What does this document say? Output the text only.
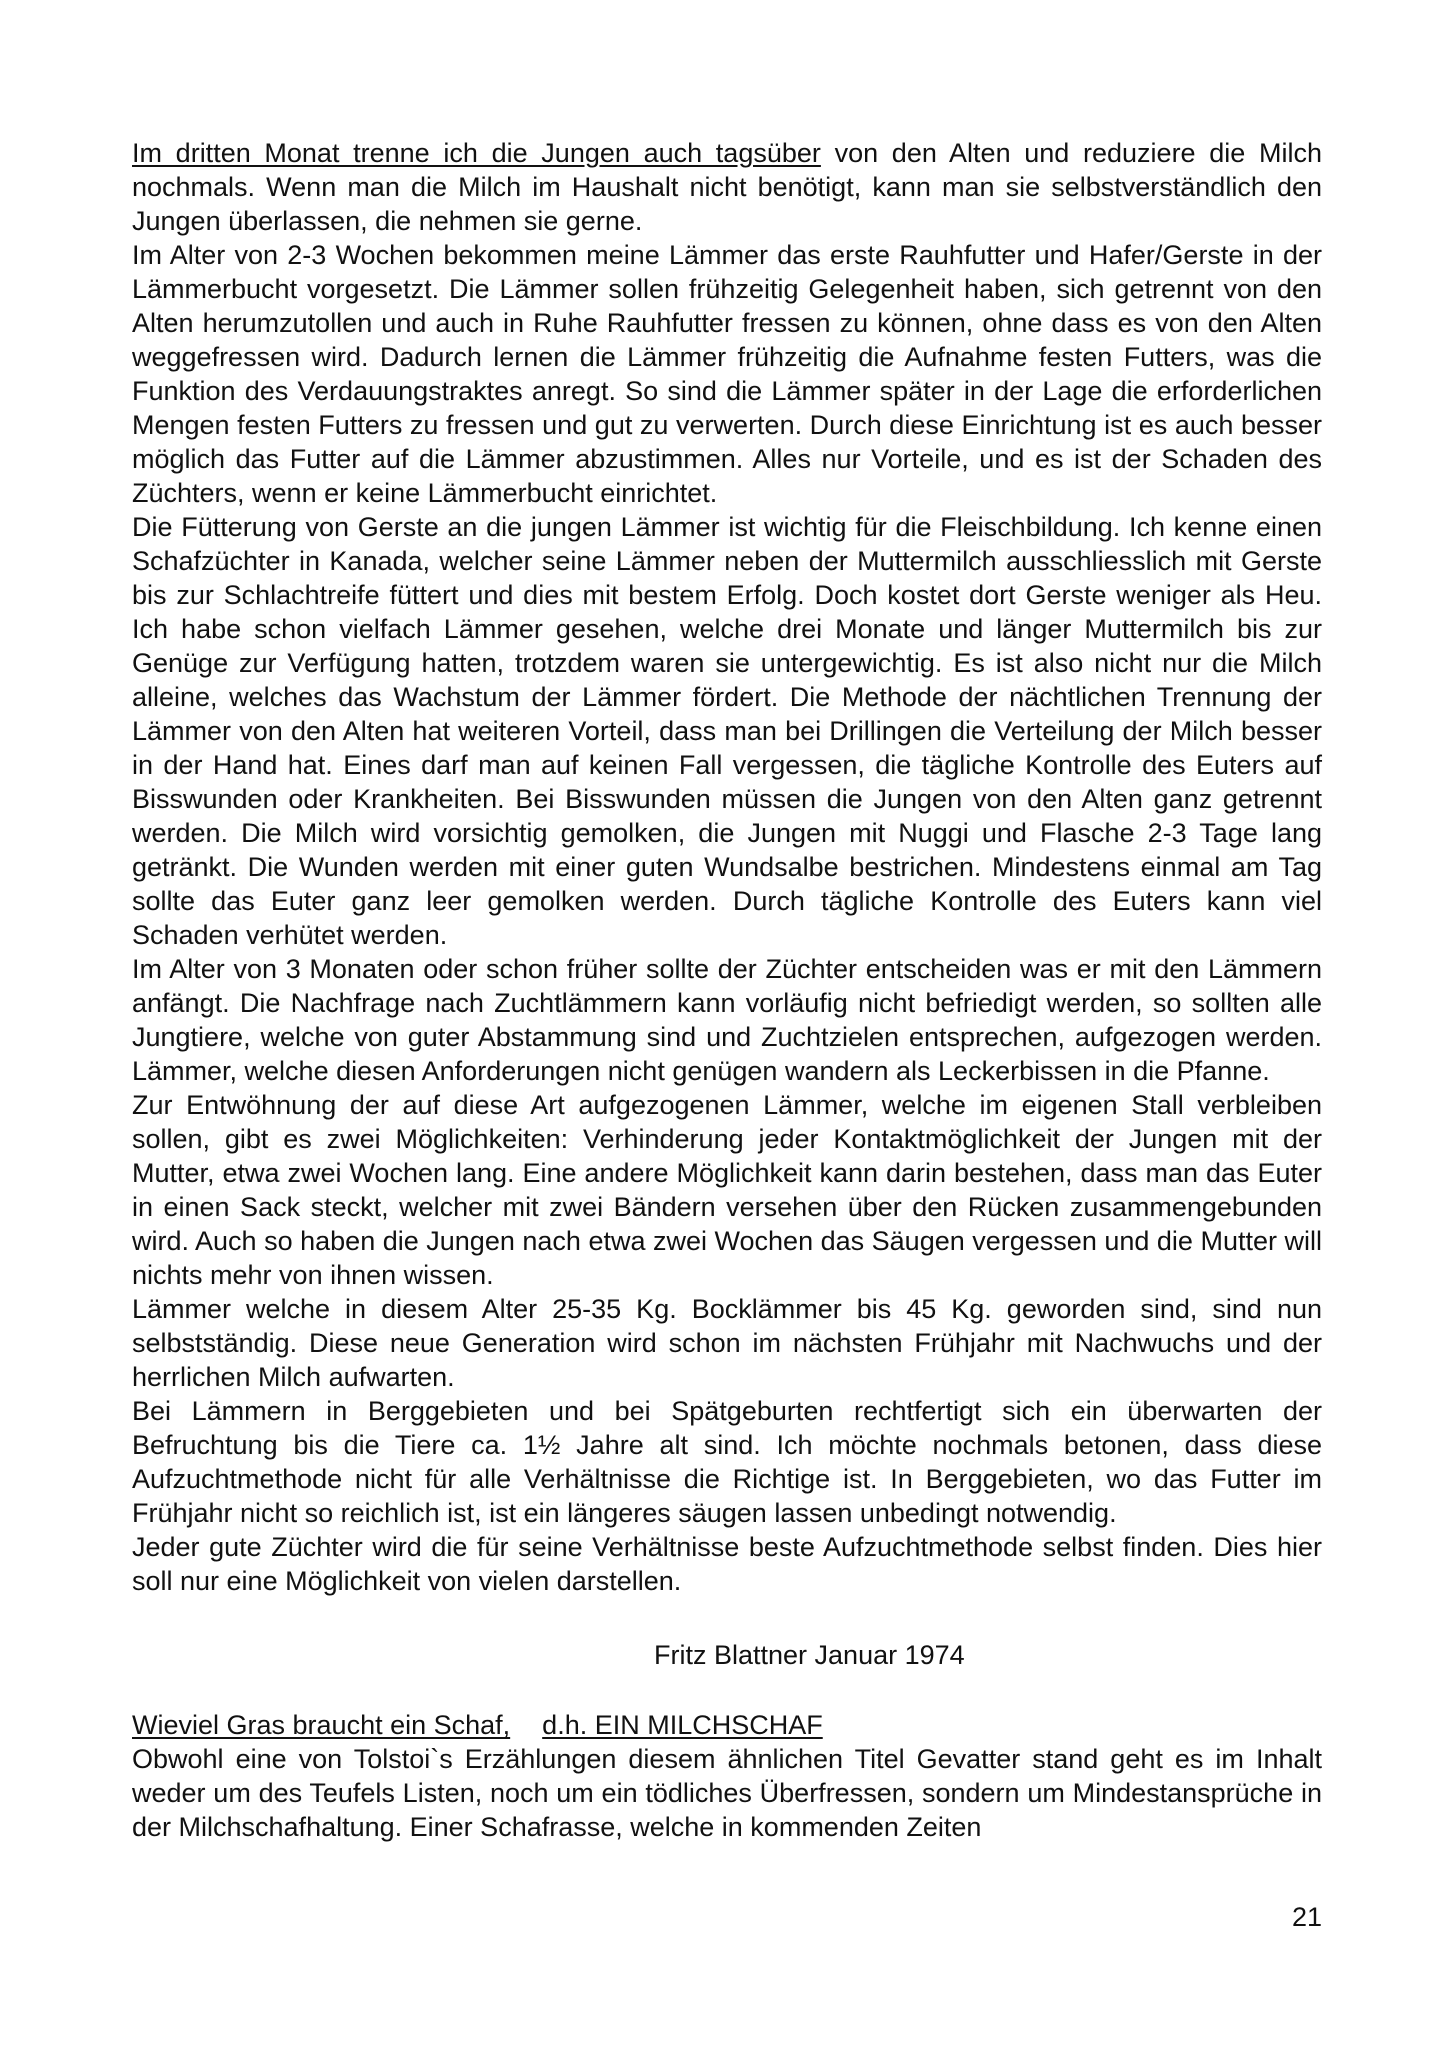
Im dritten Monat trenne ich die Jungen auch tagsüber von den Alten und reduziere die Milch nochmals. Wenn man die Milch im Haushalt nicht benötigt, kann man sie selbstverständlich den Jungen überlassen, die nehmen sie gerne.

Im Alter von 2-3 Wochen bekommen meine Lämmer das erste Rauhfutter und Hafer/Gerste in der Lämmerbucht vorgesetzt. Die Lämmer sollen frühzeitig Gelegenheit haben, sich getrennt von den Alten herumzutollen und auch in Ruhe Rauhfutter fressen zu können, ohne dass es von den Alten weggefressen wird. Dadurch lernen die Lämmer frühzeitig die Aufnahme festen Futters, was die Funktion des Verdauungstraktes anregt. So sind die Lämmer später in der Lage die erforderlichen Mengen festen Futters zu fressen und gut zu verwerten. Durch diese Einrichtung ist es auch besser möglich das Futter auf die Lämmer abzustimmen. Alles nur Vorteile, und es ist der Schaden des Züchters, wenn er keine Lämmerbucht einrichtet.

Die Fütterung von Gerste an die jungen Lämmer ist wichtig für die Fleischbildung. Ich kenne einen Schafzüchter in Kanada, welcher seine Lämmer neben der Muttermilch ausschliesslich mit Gerste bis zur Schlachtreife füttert und dies mit bestem Erfolg. Doch kostet dort Gerste weniger als Heu. Ich habe schon vielfach Lämmer gesehen, welche drei Monate und länger Muttermilch bis zur Genüge zur Verfügung hatten, trotzdem waren sie untergewichtig. Es ist also nicht nur die Milch alleine, welches das Wachstum der Lämmer fördert. Die Methode der nächtlichen Trennung der Lämmer von den Alten hat weiteren Vorteil, dass man bei Drillingen die Verteilung der Milch besser in der Hand hat. Eines darf man auf keinen Fall vergessen, die tägliche Kontrolle des Euters auf Bisswunden oder Krankheiten. Bei Bisswunden müssen die Jungen von den Alten ganz getrennt werden. Die Milch wird vorsichtig gemolken, die Jungen mit Nuggi und Flasche 2-3 Tage lang getränkt. Die Wunden werden mit einer guten Wundsalbe bestrichen. Mindestens einmal am Tag sollte das Euter ganz leer gemolken werden. Durch tägliche Kontrolle des Euters kann viel Schaden verhütet werden.

Im Alter von 3 Monaten oder schon früher sollte der Züchter entscheiden was er mit den Lämmern anfängt. Die Nachfrage nach Zuchtlämmern kann vorläufig nicht befriedigt werden, so sollten alle Jungtiere, welche von guter Abstammung sind und Zuchtzielen entsprechen, aufgezogen werden. Lämmer, welche diesen Anforderungen nicht genügen wandern als Leckerbissen in die Pfanne.

Zur Entwöhnung der auf diese Art aufgezogenen Lämmer, welche im eigenen Stall verbleiben sollen, gibt es zwei Möglichkeiten: Verhinderung jeder Kontaktmöglichkeit der Jungen mit der Mutter, etwa zwei Wochen lang. Eine andere Möglichkeit kann darin bestehen, dass man das Euter in einen Sack steckt, welcher mit zwei Bändern versehen über den Rücken zusammengebunden wird. Auch so haben die Jungen nach etwa zwei Wochen das Säugen vergessen und die Mutter will nichts mehr von ihnen wissen.

Lämmer welche in diesem Alter 25-35 Kg. Bocklämmer bis 45 Kg. geworden sind, sind nun selbstständig. Diese neue Generation wird schon im nächsten Frühjahr mit Nachwuchs und der herrlichen Milch aufwarten.

Bei Lämmern in Berggebieten und bei Spätgeburten rechtfertigt sich ein überwarten der Befruchtung bis die Tiere ca. 1½ Jahre alt sind. Ich möchte nochmals betonen, dass diese Aufzuchtmethode nicht für alle Verhältnisse die Richtige ist. In Berggebieten, wo das Futter im Frühjahr nicht so reichlich ist, ist ein längeres säugen lassen unbedingt notwendig.

Jeder gute Züchter wird die für seine Verhältnisse beste Aufzuchtmethode selbst finden. Dies hier soll nur eine Möglichkeit von vielen darstellen.

Fritz Blattner Januar 1974

Wieviel Gras braucht ein Schaf, d.h. EIN MILCHSCHAF

Obwohl eine von Tolstoi`s Erzählungen diesem ähnlichen Titel Gevatter stand geht es im Inhalt weder um des Teufels Listen, noch um ein tödliches Überfressen, sondern um Mindestansprüche in der Milchschafhaltung. Einer Schafrasse, welche in kommenden Zeiten

21
